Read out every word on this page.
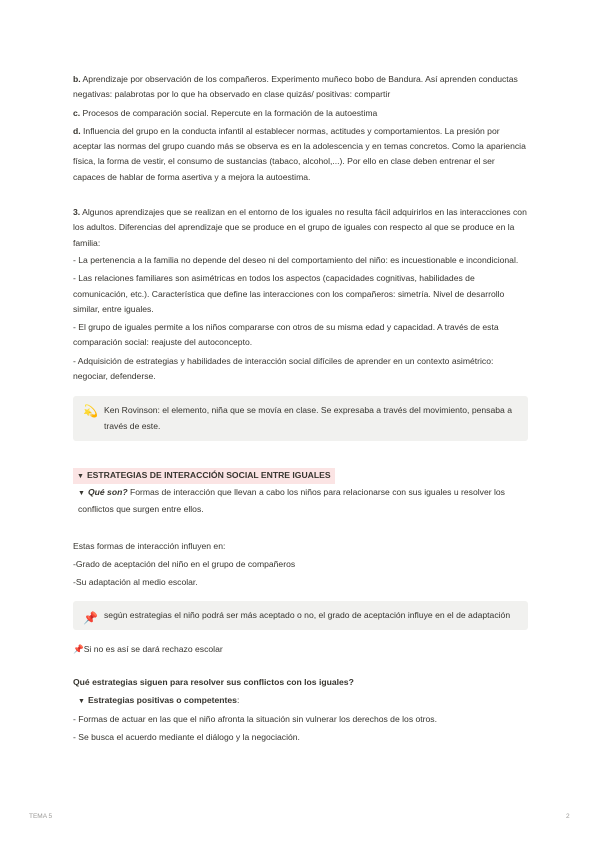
b. Aprendizaje por observación de los compañeros. Experimento muñeco bobo de Bandura. Así aprenden conductas negativas: palabrotas por lo que ha observado en clase quizás/ positivas: compartir

c. Procesos de comparación social. Repercute en la formación de la autoestima

d. Influencia del grupo en la conducta infantil al establecer normas, actitudes y comportamientos. La presión por aceptar las normas del grupo cuando más se observa es en la adolescencia y en temas concretos. Como la apariencia física, la forma de vestir, el consumo de sustancias (tabaco, alcohol,...). Por ello en clase deben entrenar el ser capaces de hablar de forma asertiva y a mejora la autoestima.

3. Algunos aprendizajes que se realizan en el entorno de los iguales no resulta fácil adquirirlos en las interacciones con los adultos. Diferencias del aprendizaje que se produce en el grupo de iguales con respecto al que se produce en la familia:

- La pertenencia a la familia no depende del deseo ni del comportamiento del niño: es incuestionable e incondicional.

- Las relaciones familiares son asimétricas en todos los aspectos (capacidades cognitivas, habilidades de comunicación, etc.). Característica que define las interacciones con los compañeros: simetría. Nivel de desarrollo similar, entre iguales.

- El grupo de iguales permite a los niños compararse con otros de su misma edad y capacidad. A través de esta comparación social: reajuste del autoconcepto.

- Adquisición de estrategias y habilidades de interacción social difíciles de aprender en un contexto asimétrico: negociar, defenderse.

💫 Ken Rovinson: el elemento, niña que se movía en clase. Se expresaba a través del movimiento, pensaba a través de este.

▼ ESTRATEGIAS DE INTERACCIÓN SOCIAL ENTRE IGUALES

▼ Qué son? Formas de interacción que llevan a cabo los niños para relacionarse con sus iguales u resolver los conflictos que surgen entre ellos.

Estas formas de interacción influyen en:

-Grado de aceptación del niño en el grupo de compañeros

-Su adaptación al medio escolar.

📌 según estrategias el niño podrá ser más aceptado o no, el grado de aceptación influye en el de adaptación

📌Si no es así se dará rechazo escolar

Qué estrategias siguen para resolver sus conflictos con los iguales?

▼ Estrategias positivas o competentes:

- Formas de actuar en las que el niño afronta la situación sin vulnerar los derechos de los otros.

- Se busca el acuerdo mediante el diálogo y la negociación.

TEMA 5	2
